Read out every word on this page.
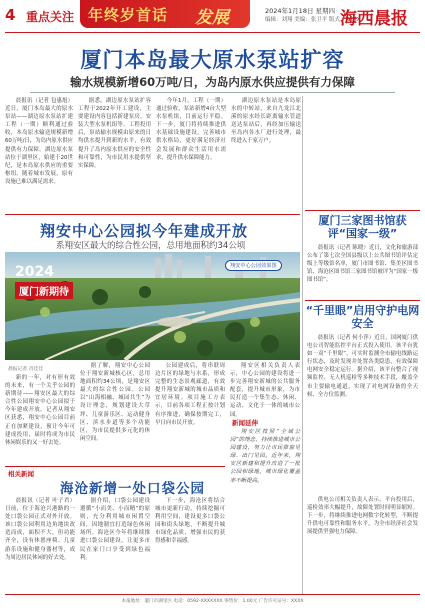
4 重点关注 年终岁首话 发展	2024年1月18日 星期四
编辑：刘翔 美编：张卫平 版式：XXXX
海西晨报
厦门本岛最大原水泵站扩容
输水规模新增60万吨/日，为岛内原水供应提供有力保障

晨报讯（记者 包惠旭）近日，厦门本岛最大的原水泵站——湖边原水泵站扩建工程（一期）顺利通过验收，本岛原水输送规模新增60万吨/日，为岛内原水供应提供有力保障。湖边原水泵站位于湖里区，始建于20世纪，是本岛原水供应的重要枢纽。随着城市发展，原有设施已难以满足需求。

据悉，湖边原水泵站扩容工程于2022年开工建设，主要建设内容包括新建泵房、安装大型水泵机组等。工程投用后，泵站输水规模由原来的日均供水提升到新的水平，有效提升了岛内原水供应的安全性和可靠性，为市民用水提供坚实保障。

今年1月，工程（一期）通过验收，泵站新增4台大型水泵机组，目前运行平稳。下一步，厦门将持续推进供水基础设施建设，完善城市供水格局，更好满足经济社会发展和群众生活用水需求，提升供水保障能力。

湖边原水泵站是本岛原水的中转站，来自九龙江北溪的原水经长距离输水管道送达泵站后，再经加压输送至岛内各水厂进行处理，最终进入千家万户。

翔安中心公园拟今年建成开放
系翔安区最大的综合性公园，总用地面积约34公顷
2024
厦门新期待
翔安中心公园效果图
晨报记者 肖佳佳

新的一年，对有形有效的未来，有一个关乎公园的新期待——翔安区最大的综合性公园翔安中心公园拟于今年建成开放。记者从翔安区获悉，翔安中心公园目前正在加紧建设，预计今年可建成投用，届时将成为市民休闲娱乐的又一好去处。

据了解，翔安中心公园位于翔安新城核心区，总用地面积约34公顷，是翔安区最大的综合性公园。公园以“山海相融、城园共生”为设计理念，规划建设大草坪、儿童游乐区、运动健身区、滨水步道等多个功能区，为市民提供多元化的休闲空间。

公园建成后，将串联周边片区的绿地与水系，形成完整的生态景观廊道，有效提升翔安新城的城市品质和宜居环境。项目施工方表示，目前各项工程正按计划有序推进，确保按期完工，早日向市民开放。

翔安区相关负责人表示，中心公园的建设将进一步完善翔安新城的公共服务配套，提升城市形象，为市民打造一个集生态、休闲、运动、文化于一体的城市公园。

新闻延伸

翔安区按照“全域公园”的理念，持续推进城市公园建设，努力让市民推窗见绿、出门见园。近年来，翔安区新建和提升改造了一批公园和绿地，城市绿化覆盖率不断提高。

相关新闻
海沧新增一处口袋公园

晨报讯（记者 叶子君）日前，位于海沧兴港路的一处口袋公园正式对外开放。该口袋公园利用边角地块改造而成，面积不大，但功能齐全，设有休憩座椅、儿童游乐设施和健身器材等，成为周边居民休闲的好去处。

据介绍，口袋公园建设遵循“小而美、小而精”的原则，充分利用城市闲置空间，因地制宜打造绿色休闲场所。海沧区今年将继续推进口袋公园建设，让更多市民在家门口享受到绿色福利。

下一步，海沧区将结合城市更新行动，持续挖掘可利用空间，建设更多口袋公园和街头绿地，不断提升城市绿化品质，增强市民的获得感和幸福感。

厦门三家图书馆获评“国家一级”

晨报讯（记者 陈晓）近日，文化和旅游部公布了第七次全国县级以上公共图书馆评估定级上等级馆名单，厦门市图书馆、集美区图书馆、海沧区图书馆三家图书馆被评为“国家一级图书馆”。

“千里眼”启用守护电网安全

晨报讯（记者 何小萍）近日，国网厦门供电公司智能监控平台正式投入使用。该平台犹如一双“千里眼”，可实时监测全市输电线路运行状态，及时发现并处置各类隐患，有效保障电网安全稳定运行。据介绍，该平台整合了视频监控、无人机巡检等多种技术手段，覆盖全市主要输电通道，实现了对电网设备的全天候、全方位监测。

供电公司相关负责人表示，平台投用后，巡检效率大幅提升，故障处置时间明显缩短。下一步，将继续推进电网数字化转型，不断提升供电可靠性和服务水平，为全市经济社会发展提供坚强电力保障。

本报地址：厦门市湖里区 电话：0592-XXXXXXX 零售价：1.00元 广告许可证号：XXXX
